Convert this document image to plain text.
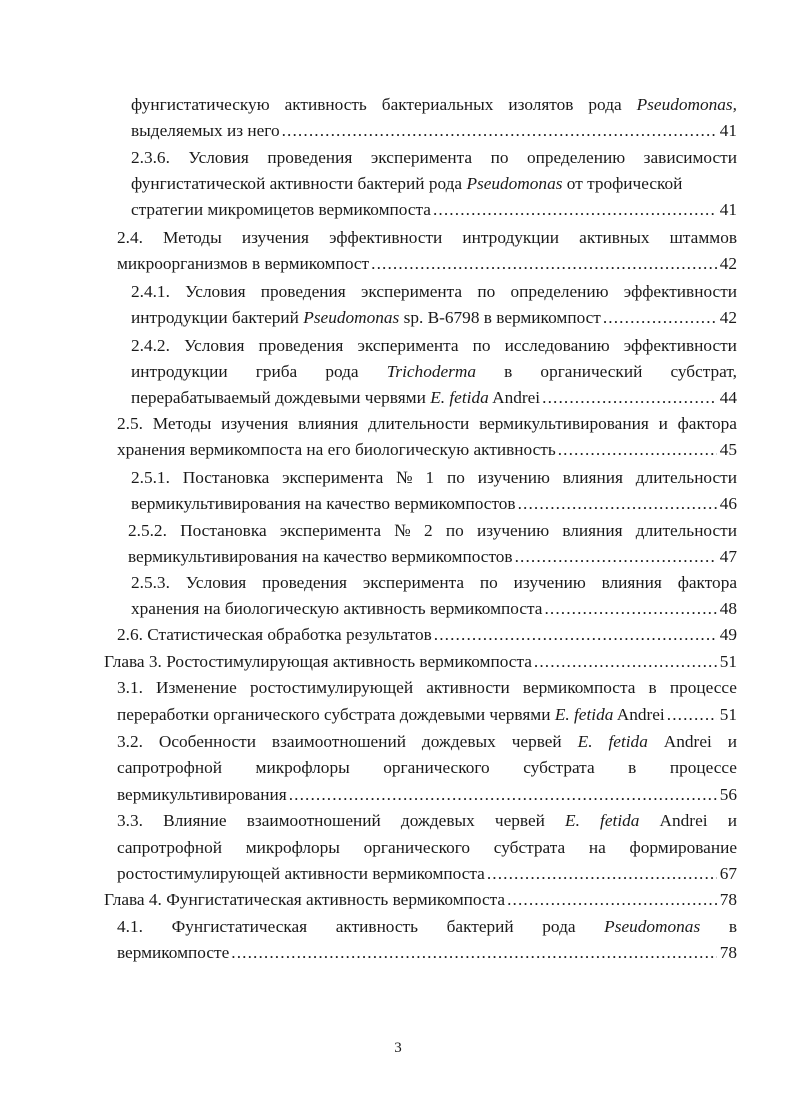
фунгистатическую активность бактериальных изолятов рода Pseudomonas,
выделяемых из него . . .	41
2.3.6. Условия проведения эксперимента по определению зависимости
фунгистатической активности бактерий рода Pseudomonas от трофической
стратегии микромицетов вермикомпоста . . .	41
2.4. Методы изучения эффективности интродукции активных штаммов
микроорганизмов в вермикомпост . . .	42
2.4.1. Условия проведения эксперимента по определению эффективности
интродукции бактерий Pseudomonas sp. B-6798 в вермикомпост . . .	42
2.4.2. Условия проведения эксперимента по исследованию эффективности
интродукции гриба рода Trichoderma в органический субстрат,
перерабатываемый дождевыми червями E. fetida Andrei . . .	44
2.5. Методы изучения влияния длительности вермикультивирования и фактора
хранения вермикомпоста на его биологическую активность . . .	45
2.5.1. Постановка эксперимента № 1 по изучению влияния длительности
вермикультивирования на качество вермикомпостов . . .	46
2.5.2. Постановка эксперимента № 2 по изучению влияния длительности
вермикультивирования на качество вермикомпостов . . .	47
2.5.3. Условия проведения эксперимента по изучению влияния фактора
хранения на биологическую активность вермикомпоста . . .	48
2.6. Статистическая обработка результатов . . .	49
Глава 3. Ростостимулирующая активность вермикомпоста . . .	51
3.1. Изменение ростостимулирующей активности вермикомпоста в процессе
переработки органического субстрата дождевыми червями E. fetida Andrei . . .	51
3.2. Особенности взаимоотношений дождевых червей E. fetida Andrei и
сапротрофной микрофлоры органического субстрата в процессе
вермикультивирования . . .	56
3.3. Влияние взаимоотношений дождевых червей E. fetida Andrei и
сапротрофной микрофлоры органического субстрата на формирование
ростостимулирующей активности вермикомпоста . . .	67
Глава 4. Фунгистатическая активность вермикомпоста . . .	78
4.1. Фунгистатическая активность бактерий рода Pseudomonas в
вермикомпосте . . .	78
3
